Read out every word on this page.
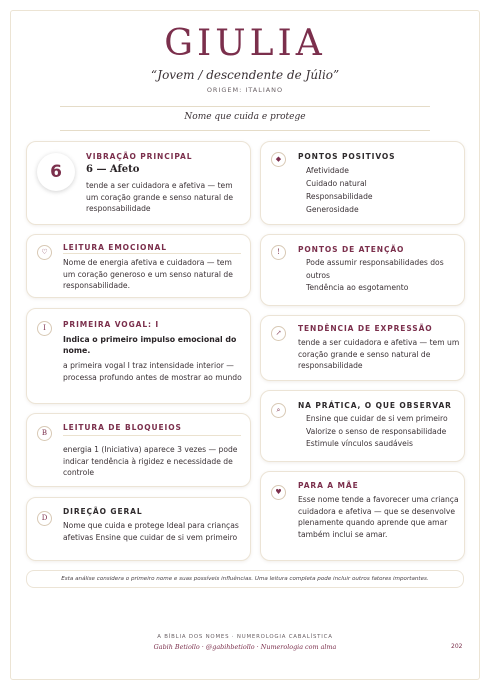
GIULIA
“Jovem / descendente de Júlio”
ORIGEM: ITALIANO
Nome que cuida e protege
6
VIBRAÇÃO PRINCIPAL
6 — Afeto
tende a ser cuidadora e afetiva — tem um coração grande e senso natural de responsabilidade
◆	PONTOS POSITIVOS
Afetividade
Cuidado natural
Responsabilidade
Generosidade
♡	LEITURA EMOCIONAL
Nome de energia afetiva e cuidadora — tem um coração generoso e um senso natural de responsabilidade.
!	PONTOS DE ATENÇÃO
Pode assumir responsabilidades dos
outros
Tendência ao esgotamento
I	PRIMEIRA VOGAL: I
Indica o primeiro impulso emocional do nome.
a primeira vogal I traz intensidade interior — processa profundo antes de mostrar ao mundo
↗	TENDÊNCIA DE EXPRESSÃO
tende a ser cuidadora e afetiva — tem um coração grande e senso natural de responsabilidade
⌕	NA PRÁTICA, O QUE OBSERVAR
Ensine que cuidar de si vem primeiro
Valorize o senso de responsabilidade
Estimule vínculos saudáveis
B
LEITURA DE BLOQUEIOS
energia 1 (Iniciativa) aparece 3 vezes — pode indicar tendência à rigidez e necessidade de controle
♥
PARA A MÃE
Esse nome tende a favorecer uma criança cuidadora e afetiva — que se desenvolve plenamente quando aprende que amar também inclui se amar.
D
DIREÇÃO GERAL
Nome que cuida e protege Ideal para crianças afetivas Ensine que cuidar de si vem primeiro
Esta análise considera o primeiro nome e suas possíveis influências. Uma leitura completa pode incluir outros fatores importantes.
A BÍBLIA DOS NOMES · NUMEROLOGIA CABALÍSTICA
Gabih Betiollo · @gabihbetiollo · Numerologia com alma	202
